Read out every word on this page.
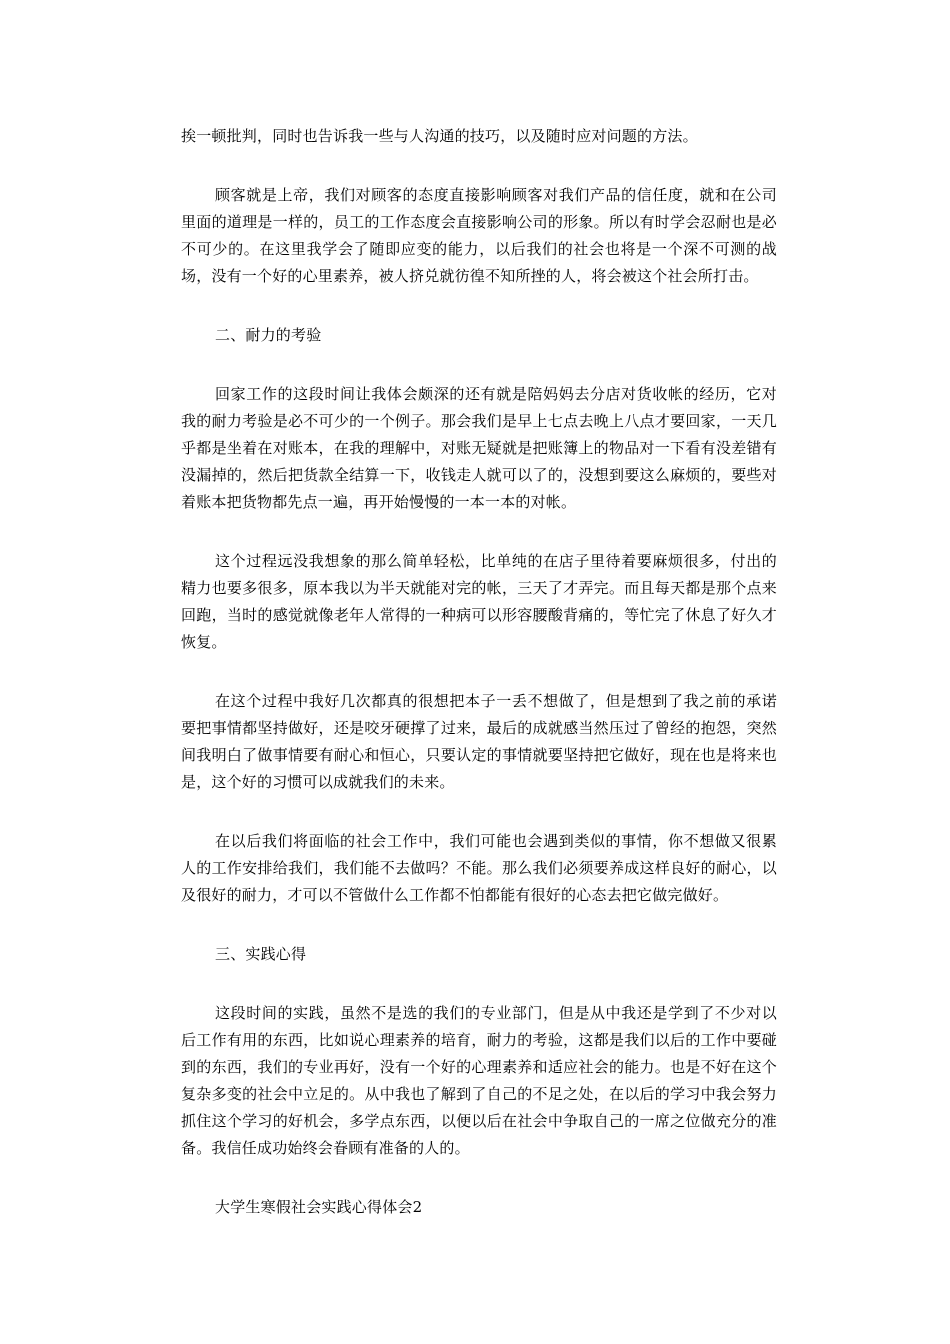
挨一顿批判，同时也告诉我一些与人沟通的技巧，以及随时应对问题的方法。

顾客就是上帝，我们对顾客的态度直接影响顾客对我们产品的信任度，就和在公司里面的道理是一样的，员工的工作态度会直接影响公司的形象。所以有时学会忍耐也是必不可少的。在这里我学会了随即应变的能力，以后我们的社会也将是一个深不可测的战场，没有一个好的心里素养，被人挤兑就彷徨不知所挫的人，将会被这个社会所打击。

二、耐力的考验

回家工作的这段时间让我体会颇深的还有就是陪妈妈去分店对货收帐的经历，它对我的耐力考验是必不可少的一个例子。那会我们是早上七点去晚上八点才要回家，一天几乎都是坐着在对账本，在我的理解中，对账无疑就是把账簿上的物品对一下看有没差错有没漏掉的，然后把货款全结算一下，收钱走人就可以了的，没想到要这么麻烦的，要些对着账本把货物都先点一遍，再开始慢慢的一本一本的对帐。

这个过程远没我想象的那么简单轻松，比单纯的在店子里待着要麻烦很多，付出的精力也要多很多，原本我以为半天就能对完的帐，三天了才弄完。而且每天都是那个点来回跑，当时的感觉就像老年人常得的一种病可以形容腰酸背痛的，等忙完了休息了好久才恢复。

在这个过程中我好几次都真的很想把本子一丢不想做了，但是想到了我之前的承诺要把事情都坚持做好，还是咬牙硬撑了过来，最后的成就感当然压过了曾经的抱怨，突然间我明白了做事情要有耐心和恒心，只要认定的事情就要坚持把它做好，现在也是将来也是，这个好的习惯可以成就我们的未来。

在以后我们将面临的社会工作中，我们可能也会遇到类似的事情，你不想做又很累人的工作安排给我们，我们能不去做吗？不能。那么我们必须要养成这样良好的耐心，以及很好的耐力，才可以不管做什么工作都不怕都能有很好的心态去把它做完做好。

三、实践心得

这段时间的实践，虽然不是选的我们的专业部门，但是从中我还是学到了不少对以后工作有用的东西，比如说心理素养的培育，耐力的考验，这都是我们以后的工作中要碰到的东西，我们的专业再好，没有一个好的心理素养和适应社会的能力。也是不好在这个复杂多变的社会中立足的。从中我也了解到了自己的不足之处，在以后的学习中我会努力抓住这个学习的好机会，多学点东西，以便以后在社会中争取自己的一席之位做充分的准备。我信任成功始终会眷顾有准备的人的。

大学生寒假社会实践心得体会2
